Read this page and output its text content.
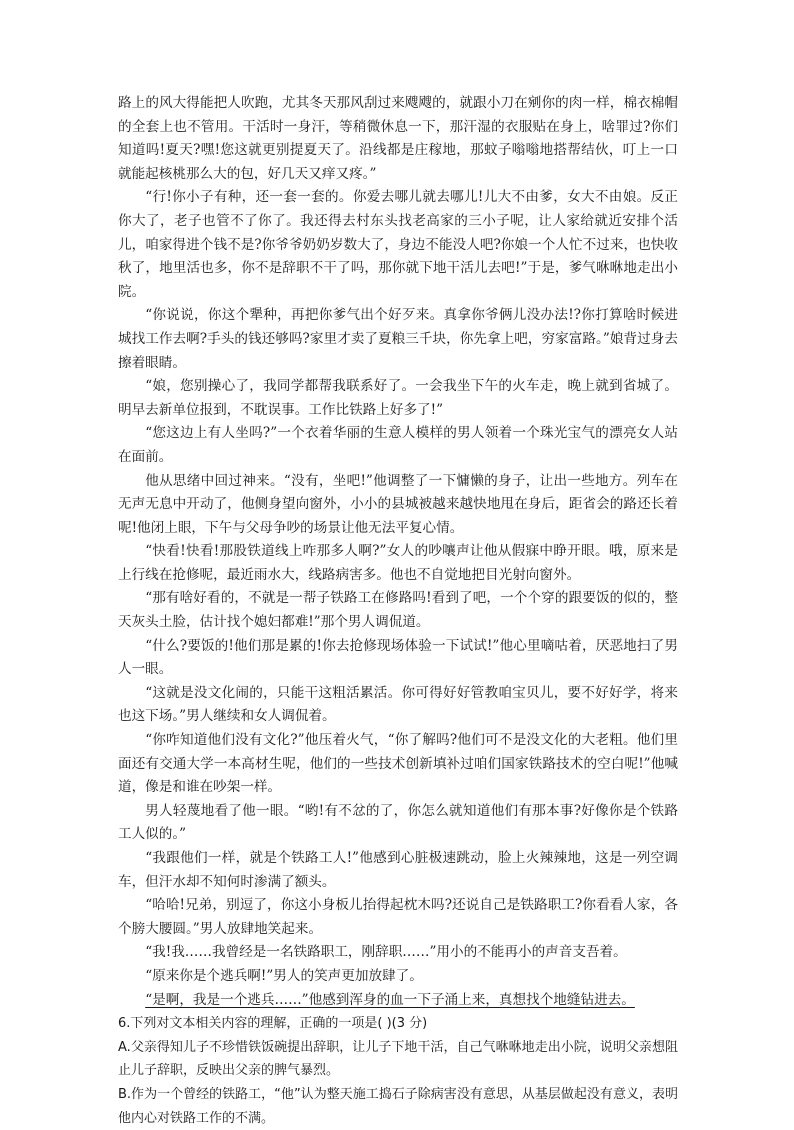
路上的风大得能把人吹跑，尤其冬天那风刮过来飕飕的，就跟小刀在剜你的肉一样，棉衣棉帽的全套上也不管用。干活时一身汗，等稍微休息一下，那汗湿的衣服贴在身上，啥罪过?你们知道吗!夏天?嘿!您这就更别提夏天了。沿线都是庄稼地，那蚊子嗡嗡地搭帮结伙，叮上一口就能起核桃那么大的包，好几天又痒又疼。”

“行!你小子有种，还一套一套的。你爱去哪儿就去哪儿!儿大不由爹，女大不由娘。反正你大了，老子也管不了你了。我还得去村东头找老高家的三小子呢，让人家给就近安排个活儿，咱家得进个钱不是?你爷爷奶奶岁数大了，身边不能没人吧?你娘一个人忙不过来，也快收秋了，地里活也多，你不是辞职不干了吗，那你就下地干活儿去吧!”于是，爹气咻咻地走出小院。

“你说说，你这个犟种，再把你爹气出个好歹来。真拿你爷俩儿没办法!?你打算啥时候进城找工作去啊?手头的钱还够吗?家里才卖了夏粮三千块，你先拿上吧，穷家富路。”娘背过身去擦着眼睛。

“娘，您别操心了，我同学都帮我联系好了。一会我坐下午的火车走，晚上就到省城了。明早去新单位报到，不耽误事。工作比铁路上好多了!”

“您这边上有人坐吗?”一个衣着华丽的生意人模样的男人领着一个珠光宝气的漂亮女人站在面前。

他从思绪中回过神来。“没有，坐吧!”他调整了一下慵懒的身子，让出一些地方。列车在无声无息中开动了，他侧身望向窗外，小小的县城被越来越快地甩在身后，距省会的路还长着呢!他闭上眼，下午与父母争吵的场景让他无法平复心情。

“快看!快看!那股铁道线上咋那多人啊?”女人的吵嚷声让他从假寐中睁开眼。哦，原来是上行线在抢修呢，最近雨水大，线路病害多。他也不自觉地把目光射向窗外。

“那有啥好看的，不就是一帮子铁路工在修路吗!看到了吧，一个个穿的跟要饭的似的，整天灰头土脸，估计找个媳妇都难!”那个男人调侃道。

“什么?要饭的!他们那是累的!你去抢修现场体验一下试试!”他心里嘀咕着，厌恶地扫了男人一眼。

“这就是没文化闹的，只能干这粗活累活。你可得好好管教咱宝贝儿，要不好好学，将来也这下场。”男人继续和女人调侃着。

“你咋知道他们没有文化?”他压着火气，“你了解吗?他们可不是没文化的大老粗。他们里面还有交通大学一本高材生呢，他们的一些技术创新填补过咱们国家铁路技术的空白呢!”他喊道，像是和谁在吵架一样。

男人轻蔑地看了他一眼。“哟!有不忿的了，你怎么就知道他们有那本事?好像你是个铁路工人似的。”

“我跟他们一样，就是个铁路工人!”他感到心脏极速跳动，脸上火辣辣地，这是一列空调车，但汗水却不知何时渗满了额头。

“哈哈!兄弟，别逗了，你这小身板儿抬得起枕木吗?还说自己是铁路职工?你看看人家，各个膀大腰圆。”男人放肆地笑起来。

“我!我……我曾经是一名铁路职工，刚辞职……”用小的不能再小的声音支吾着。

“原来你是个逃兵啊!”男人的笑声更加放肆了。

“是啊，我是一个逃兵……”他感到浑身的血一下子涌上来，真想找个地缝钻进去。

6.下列对文本相关内容的理解，正确的一项是( )(3 分)

A.父亲得知儿子不珍惜铁饭碗提出辞职，让儿子下地干活，自己气咻咻地走出小院，说明父亲想阻止儿子辞职，反映出父亲的脾气暴烈。

B.作为一个曾经的铁路工，“他”认为整天施工捣石子除病害没有意思，从基层做起没有意义，表明他内心对铁路工作的不满。
